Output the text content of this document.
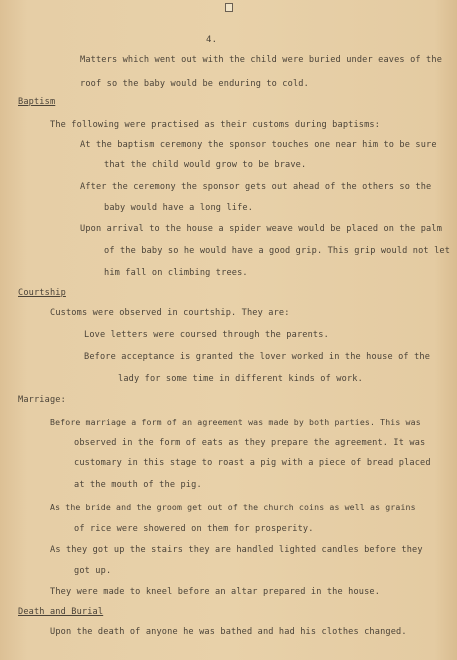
4.
Matters which went out with the child were buried under eaves of the
roof so the baby would be enduring to cold.
Baptism
The following were practised as their customs during baptisms:
At the baptism ceremony the sponsor touches one near him to be sure
that the child would grow to be brave.
After the ceremony the sponsor gets out ahead of the others so the
baby would have a long life.
Upon arrival to the house a spider weave would be placed on the palm
of the baby so he would have a good grip. This grip would not let
him fall on climbing trees.
Courtship
Customs were observed in courtship. They are:
Love letters were coursed through the parents.
Before acceptance is granted the lover worked in the house of the
lady for some time in different kinds of work.
Marriage:
Before marriage a form of an agreement was made by both parties. This was
observed in the form of eats as they prepare the agreement. It was
customary in this stage to roast a pig with a piece of bread placed
at the mouth of the pig.
As the bride and the groom get out of the church coins as well as grains
of rice were showered on them for prosperity.
As they got up the stairs they are handled lighted candles before they
got up.
They were made to kneel before an altar prepared in the house.
Death and Burial
Upon the death of anyone he was bathed and had his clothes changed.
